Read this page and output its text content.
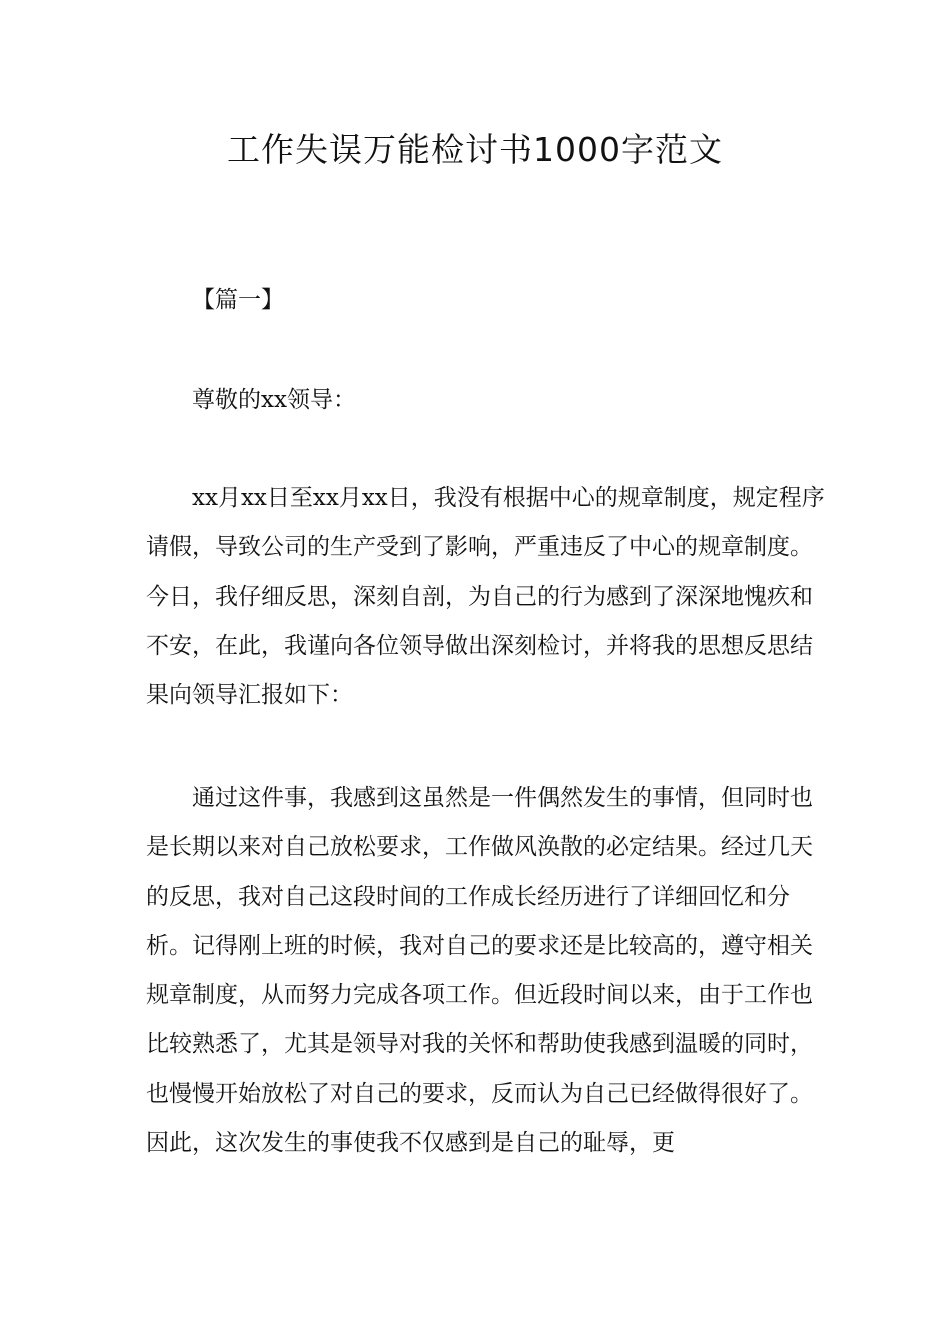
工作失误万能检讨书1000字范文
【篇一】
尊敬的xx领导：

xx月xx日至xx月xx日，我没有根据中心的规章制度，规定程序请假，导致公司的生产受到了影响，严重违反了中心的规章制度。今日，我仔细反思，深刻自剖，为自己的行为感到了深深地愧疚和不安，在此，我谨向各位领导做出深刻检讨，并将我的思想反思结果向领导汇报如下：

通过这件事，我感到这虽然是一件偶然发生的事情，但同时也是长期以来对自己放松要求，工作做风涣散的必定结果。经过几天的反思，我对自己这段时间的工作成长经历进行了详细回忆和分析。记得刚上班的时候，我对自己的要求还是比较高的，遵守相关规章制度，从而努力完成各项工作。但近段时间以来，由于工作也比较熟悉了，尤其是领导对我的关怀和帮助使我感到温暖的同时，也慢慢开始放松了对自己的要求，反而认为自己已经做得很好了。因此，这次发生的事使我不仅感到是自己的耻辱，更
